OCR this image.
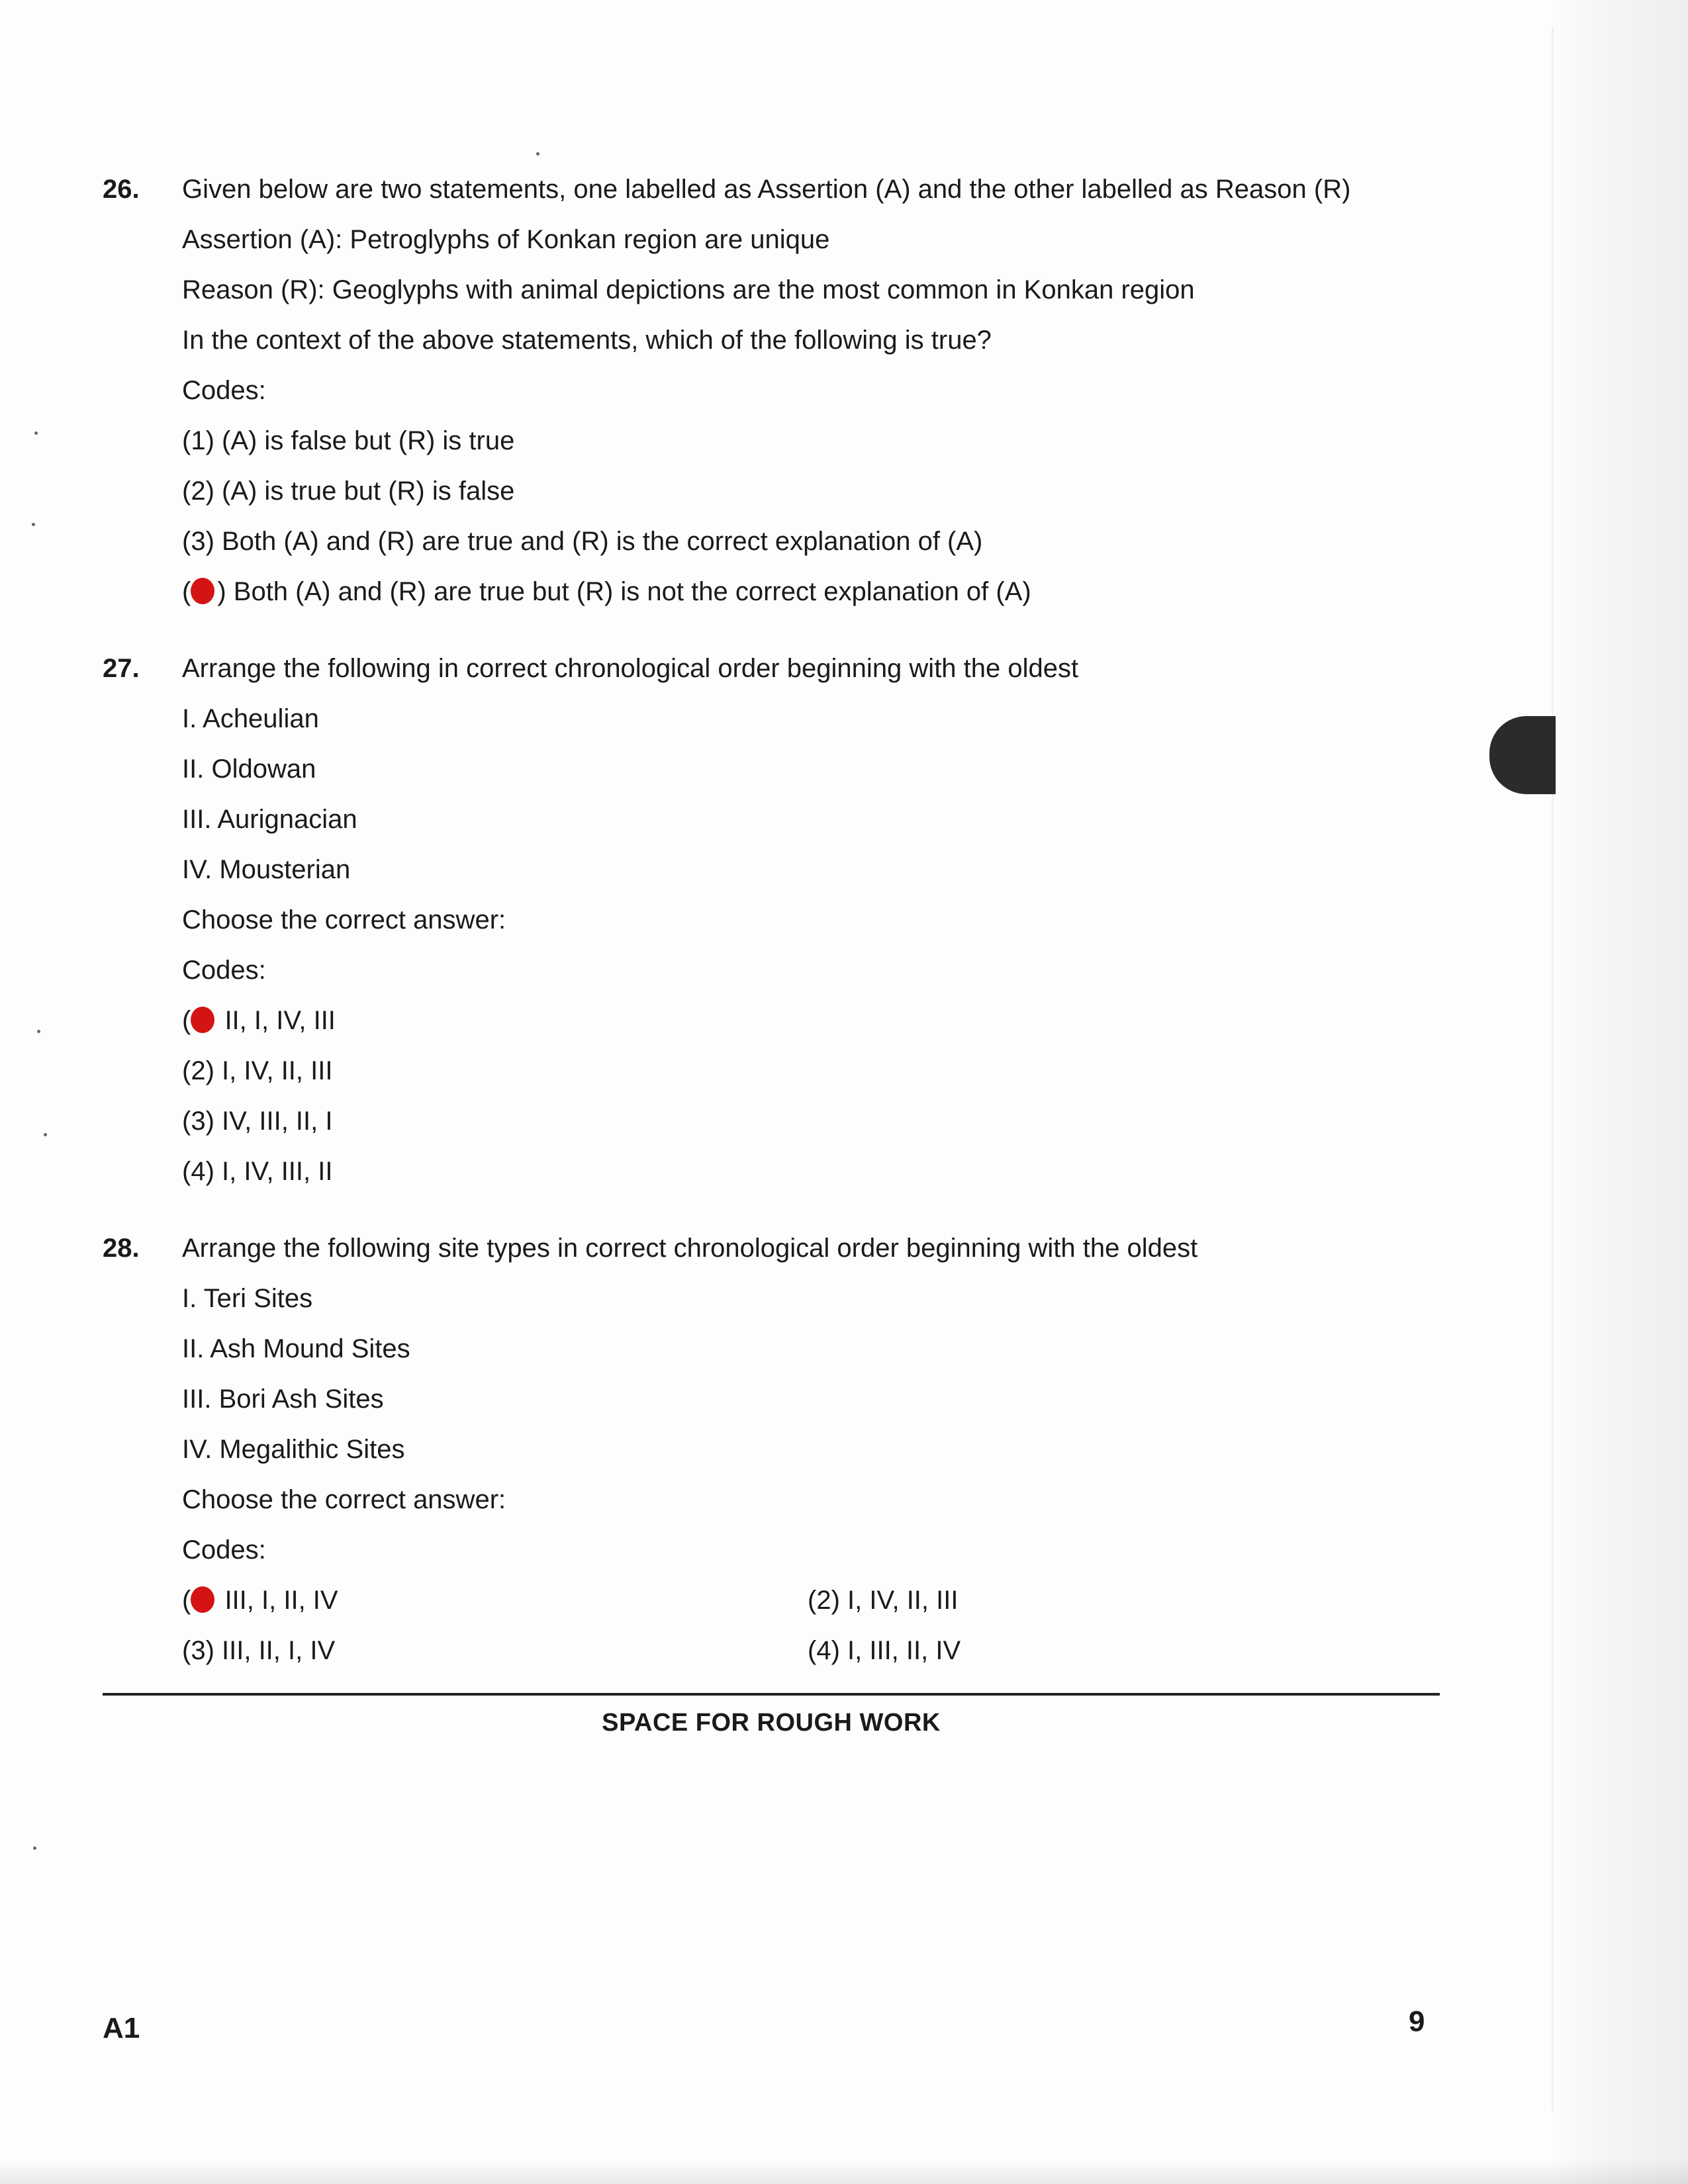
26. Given below are two statements, one labelled as Assertion (A) and the other labelled as Reason (R)
Assertion (A): Petroglyphs of Konkan region are unique
Reason (R): Geoglyphs with animal depictions are the most common in Konkan region
In the context of the above statements, which of the following is true?
Codes:
(1) (A) is false but (R) is true
(2) (A) is true but (R) is false
(3) Both (A) and (R) are true and (R) is the correct explanation of (A)
( ) Both (A) and (R) are true but (R) is not the correct explanation of (A)
27. Arrange the following in correct chronological order beginning with the oldest
I. Acheulian
II. Oldowan
III. Aurignacian
IV. Mousterian
Choose the correct answer:
Codes:
( II, I, IV, III
(2) I, IV, II, III
(3) IV, III, II, I
(4) I, IV, III, II
28. Arrange the following site types in correct chronological order beginning with the oldest
I. Teri Sites
II. Ash Mound Sites
III. Bori Ash Sites
IV. Megalithic Sites
Choose the correct answer:
Codes:
( III, I, II, IV	(2) I, IV, II, III
(3) III, II, I, IV	(4) I, III, II, IV
SPACE FOR ROUGH WORK
A1	9
